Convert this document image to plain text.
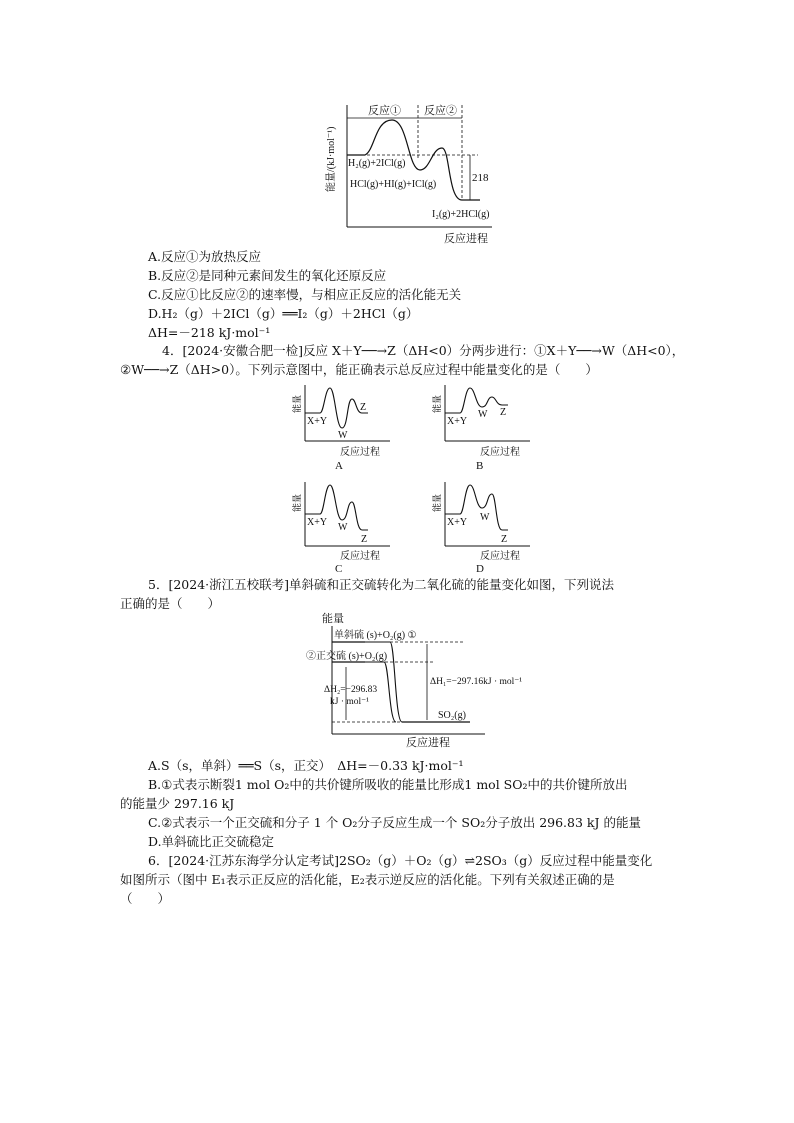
反应① 反应②
H₂(g)+2ICl(g)
HCl(g)+HI(g)+ICl(g)
I₂(g)+2HCl(g)
218
反应进程
能量/(kJ·mol⁻¹)
A.反应①为放热反应
B.反应②是同种元素间发生的氧化还原反应
C.反应①比反应②的速率慢，与相应正反应的活化能无关
D.H₂（g）＋2ICl（g）══I₂（g）＋2HCl（g）
ΔH=－218 kJ·mol⁻¹
4．[2024·安徽合肥一检]反应 X＋Y──→Z（ΔH<0）分两步进行：①X＋Y──→W（ΔH<0），
②W──→Z（ΔH>0）。下列示意图中，能正确表示总反应过程中能量变化的是（　　）
能量
X+Y
W
Z
反应过程
A
能量
X+Y
W Z
反应过程
B
能量
X+Y W
Z
反应过程
C
能量
X+Y W
Z
反应过程
D
5．[2024·浙江五校联考]单斜硫和正交硫转化为二氧化硫的能量变化如图，下列说法
正确的是（　　）
能量
单斜硫 (s)+O₂(g) ①
②正交硫 (s)+O₂(g)
ΔH₁=−297.16kJ · mol⁻¹
ΔH₂=−296.83
kJ · mol⁻¹
SO₂(g)
反应进程
A.S（s，单斜）══S（s，正交）　ΔH=－0.33 kJ·mol⁻¹
B.①式表示断裂1 mol O₂中的共价键所吸收的能量比形成1 mol SO₂中的共价键所放出
的能量少 297.16 kJ
C.②式表示一个正交硫和分子 1 个 O₂分子反应生成一个 SO₂分子放出 296.83 kJ 的能量
D.单斜硫比正交硫稳定
6．[2024·江苏东海学分认定考试]2SO₂（g）＋O₂（g）⇌2SO₃（g）反应过程中能量变化
如图所示（图中 E₁表示正反应的活化能，E₂表示逆反应的活化能。下列有关叙述正确的是
（　　）
